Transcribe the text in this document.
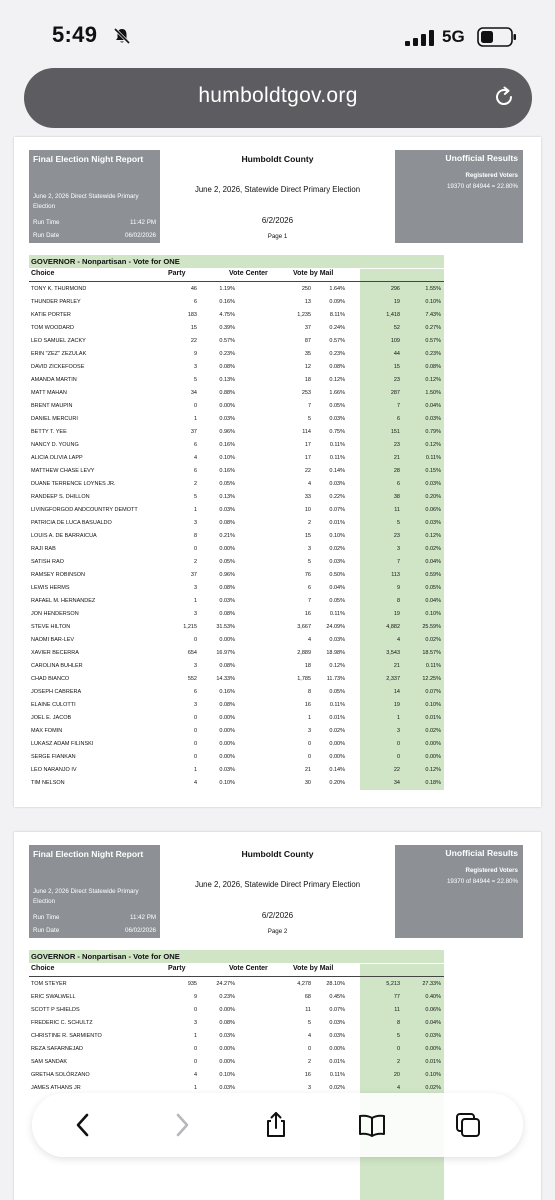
5:49	5G
humboldtgov.org
Final Election Night Report
June 2, 2026 Direct Statewide Primary Election
Run Time	11:42 PM
Run Date	06/02/2026
Humboldt County
June 2, 2026, Statewide Direct Primary Election
6/2/2026
Page 1
Unofficial Results
Registered Voters
19370 of 84944 = 22.80%
GOVERNOR - Nonpartisan - Vote for ONE
Choice	Party	Vote Center	Vote by Mail
TONY K. THURMOND	46	1.19%	250	1.64%	296	1.55%
THUNDER PARLEY	6	0.16%	13	0.09%	19	0.10%
KATIE PORTER	183	4.75%	1,235	8.11%	1,418	7.43%
TOM WOODARD	15	0.39%	37	0.24%	52	0.27%
LEO SAMUEL ZACKY	22	0.57%	87	0.57%	109	0.57%
ERIN "ZEZ" ZEZULAK	9	0.23%	35	0.23%	44	0.23%
DAVID ZICKEFOOSE	3	0.08%	12	0.08%	15	0.08%
AMANDA MARTIN	5	0.13%	18	0.12%	23	0.12%
MATT MAHAN	34	0.88%	253	1.66%	287	1.50%
BRENT MAUPIN	0	0.00%	7	0.05%	7	0.04%
DANIEL MERCURI	1	0.03%	5	0.03%	6	0.03%
BETTY T. YEE	37	0.96%	114	0.75%	151	0.79%
NANCY D. YOUNG	6	0.16%	17	0.11%	23	0.12%
ALICIA OLIVIA LAPP	4	0.10%	17	0.11%	21	0.11%
MATTHEW CHASE LEVY	6	0.16%	22	0.14%	28	0.15%
DUANE TERRENCE LOYNES JR.	2	0.05%	4	0.03%	6	0.03%
RANDEEP S. DHILLON	5	0.13%	33	0.22%	38	0.20%
LIVINGFORGOD ANDCOUNTRY DEMOTT	1	0.03%	10	0.07%	11	0.06%
PATRICIA DE LUCA BASUALDO	3	0.08%	2	0.01%	5	0.03%
LOUIS A. DE BARRAICUA	8	0.21%	15	0.10%	23	0.12%
RAJI RAB	0	0.00%	3	0.02%	3	0.02%
SATISH RAO	2	0.05%	5	0.03%	7	0.04%
RAMSEY ROBINSON	37	0.96%	76	0.50%	113	0.59%
LEWIS HERMS	3	0.08%	6	0.04%	9	0.05%
RAFAEL M. HERNANDEZ	1	0.03%	7	0.05%	8	0.04%
JON HENDERSON	3	0.08%	16	0.11%	19	0.10%
STEVE HILTON	1,215	31.53%	3,667	24.09%	4,882	25.59%
NAOMI BAR-LEV	0	0.00%	4	0.03%	4	0.02%
XAVIER BECERRA	654	16.97%	2,889	18.98%	3,543	18.57%
CAROLINA BUHLER	3	0.08%	18	0.12%	21	0.11%
CHAD BIANCO	552	14.33%	1,785	11.73%	2,337	12.25%
JOSEPH CABRERA	6	0.16%	8	0.05%	14	0.07%
ELAINE CULOTTI	3	0.08%	16	0.11%	19	0.10%
JOEL E. JACOB	0	0.00%	1	0.01%	1	0.01%
MAX FOMIN	0	0.00%	3	0.02%	3	0.02%
LUKASZ ADAM FILINSKI	0	0.00%	0	0.00%	0	0.00%
SERGE FIANKAN	0	0.00%	0	0.00%	0	0.00%
LEO NARANJO IV	1	0.03%	21	0.14%	22	0.12%
TIM NELSON	4	0.10%	30	0.20%	34	0.18%
Final Election Night Report
June 2, 2026 Direct Statewide Primary Election
Run Time	11:42 PM
Run Date	06/02/2026
Humboldt County
June 2, 2026, Statewide Direct Primary Election
6/2/2026
Page 2
Unofficial Results
Registered Voters
19370 of 84944 = 22.80%
GOVERNOR - Nonpartisan - Vote for ONE
Choice	Party	Vote Center	Vote by Mail
TOM STEYER	935	24.27%	4,278	28.10%	5,213	27.33%
ERIC SWALWELL	9	0.23%	68	0.45%	77	0.40%
SCOTT P SHIELDS	0	0.00%	11	0.07%	11	0.06%
FREDERIC C. SCHULTZ	3	0.08%	5	0.03%	8	0.04%
CHRISTINE R. SARMIENTO	1	0.03%	4	0.03%	5	0.03%
REZA SAFARNEJAD	0	0.00%	0	0.00%	0	0.00%
SAM SANDAK	0	0.00%	2	0.01%	2	0.01%
GRETHA SOLÓRZANO	4	0.10%	16	0.11%	20	0.10%
JAMES ATHANS JR	1	0.03%	3	0.02%	4	0.02%
